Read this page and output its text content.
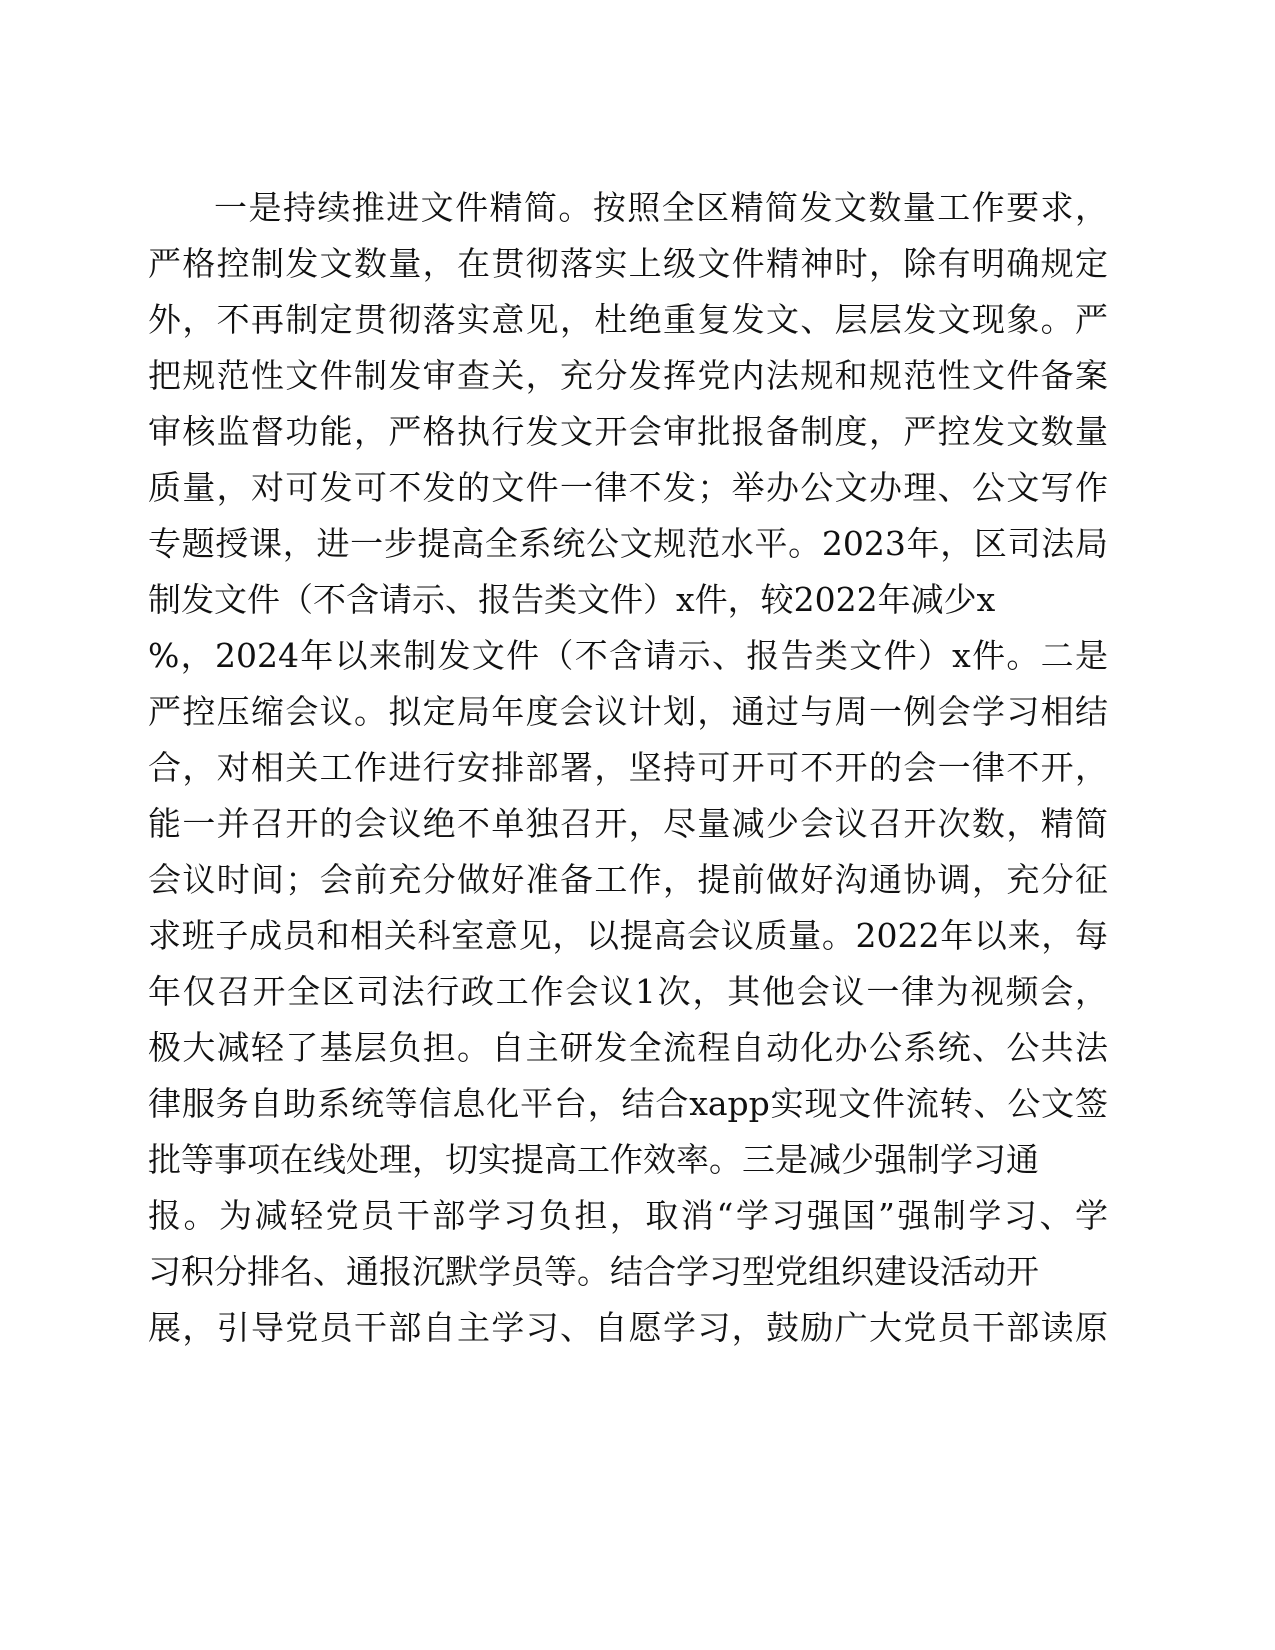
一是持续推进文件精简。按照全区精简发文数量工作要求，
严格控制发文数量，在贯彻落实上级文件精神时，除有明确规定
外，不再制定贯彻落实意见，杜绝重复发文、层层发文现象。严
把规范性文件制发审查关，充分发挥党内法规和规范性文件备案
审核监督功能，严格执行发文开会审批报备制度，严控发文数量
质量，对可发可不发的文件一律不发；举办公文办理、公文写作
专题授课，进一步提高全系统公文规范水平。2023年，区司法局
制发文件（不含请示、报告类文件）x件，较2022年减少x
%，2024年以来制发文件（不含请示、报告类文件）x件。二是
严控压缩会议。拟定局年度会议计划，通过与周一例会学习相结
合，对相关工作进行安排部署，坚持可开可不开的会一律不开，
能一并召开的会议绝不单独召开，尽量减少会议召开次数，精简
会议时间；会前充分做好准备工作，提前做好沟通协调，充分征
求班子成员和相关科室意见，以提高会议质量。2022年以来，每
年仅召开全区司法行政工作会议1次，其他会议一律为视频会，
极大减轻了基层负担。自主研发全流程自动化办公系统、公共法
律服务自助系统等信息化平台，结合xapp实现文件流转、公文签
批等事项在线处理，切实提高工作效率。三是减少强制学习通
报。为减轻党员干部学习负担，取消“学习强国”强制学习、学
习积分排名、通报沉默学员等。结合学习型党组织建设活动开
展，引导党员干部自主学习、自愿学习，鼓励广大党员干部读原
